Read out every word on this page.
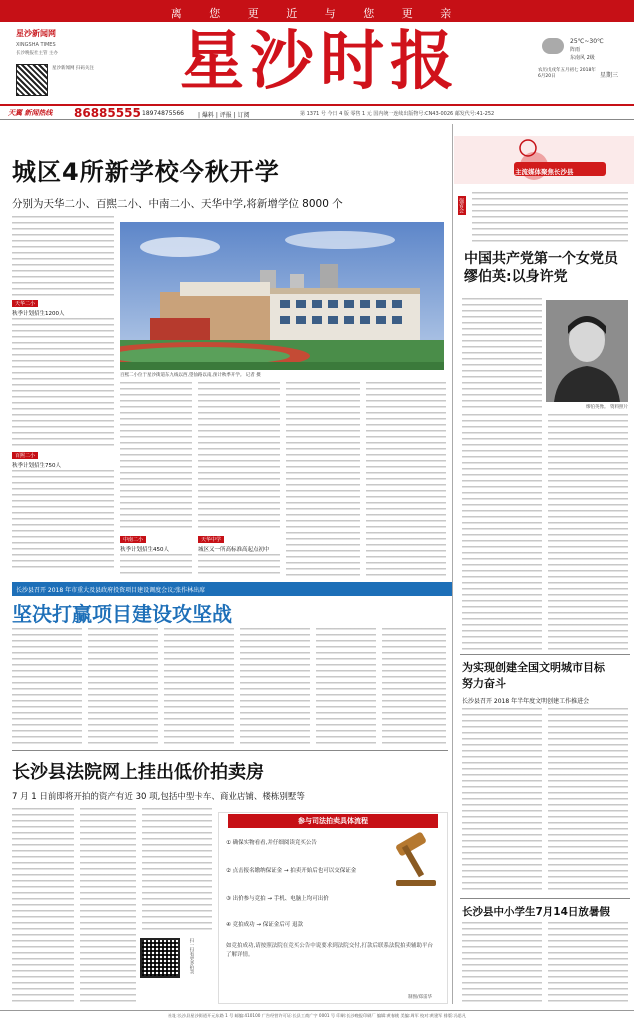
离 您 更 近 与 您 更 亲
星沙新闻网
XINGSHA TIMES
长沙晚报社主管 主办
星沙新闻网 扫码关注	星沙时报	25℃~30℃
阵雨
东南风 2级
农历戊戌年五月初七 2018年6月20日	星期三
天翼 新闻热线 86885555 18974875566 | 爆料 | 评报 | 订阅	第 1371 号 今日 4 版 零售 1 元 国内统一连续出版物号:CN43-0026 邮发代号:41-252
城区4所新学校今秋开学
分别为天华二小、百熙二小、中南二小、天华中学,将新增学位 8000 个
天华二小
秋季计划招生1200人
百熙二小
秋季计划招生750人
百熙二小位于星沙街道东九线以西,望仙路以南,预计秋季开学。 记者 摄
中南二小
秋季计划招生450人
天华中学
城区又一所高标准高起点初中
长沙县召开 2018 年市重大及县政府投资项目建设调度会议;张作林出席
坚决打赢项目建设攻坚战
长沙县法院网上挂出低价拍卖房
7 月 1 日前即将开拍的资产有近 30 项,包括中型卡车、商业店铺、楼栋别墅等
扫一扫看更多拍卖
参与司法拍卖具体流程
① 确保实物看看,并仔细阅读竞买公告
② 点击报名缴纳保证金 → 拍卖开始后也可以交保证金
③ 出价参与竞拍 → 手机、电脑上均可出价
④ 竞拍成功 → 保证金后可 退款
如竞拍成功,请按照法院在竞买公告中说要求到法院交付,打款后联系法院拍卖辅助平台了解详情。
制图/郑雷华
主流媒体聚焦长沙县
强省会
中国共产党第一个女党员
缪伯英:以身许党
缪伯英像。 资料照片
为实现创建全国文明城市目标
努力奋斗
长沙县召开 2018 年半年度文明创建工作推进会
长沙县中小学生7月14日放暑假
社址:长沙县星沙街道开元东路 1 号 邮编:410100 广告经营许可证:长县工商广字 0001 号 印刷:长沙晚报印刷厂 编辑:黄春桃 美编:周军 校对:黄建军 排版:冯思凡
